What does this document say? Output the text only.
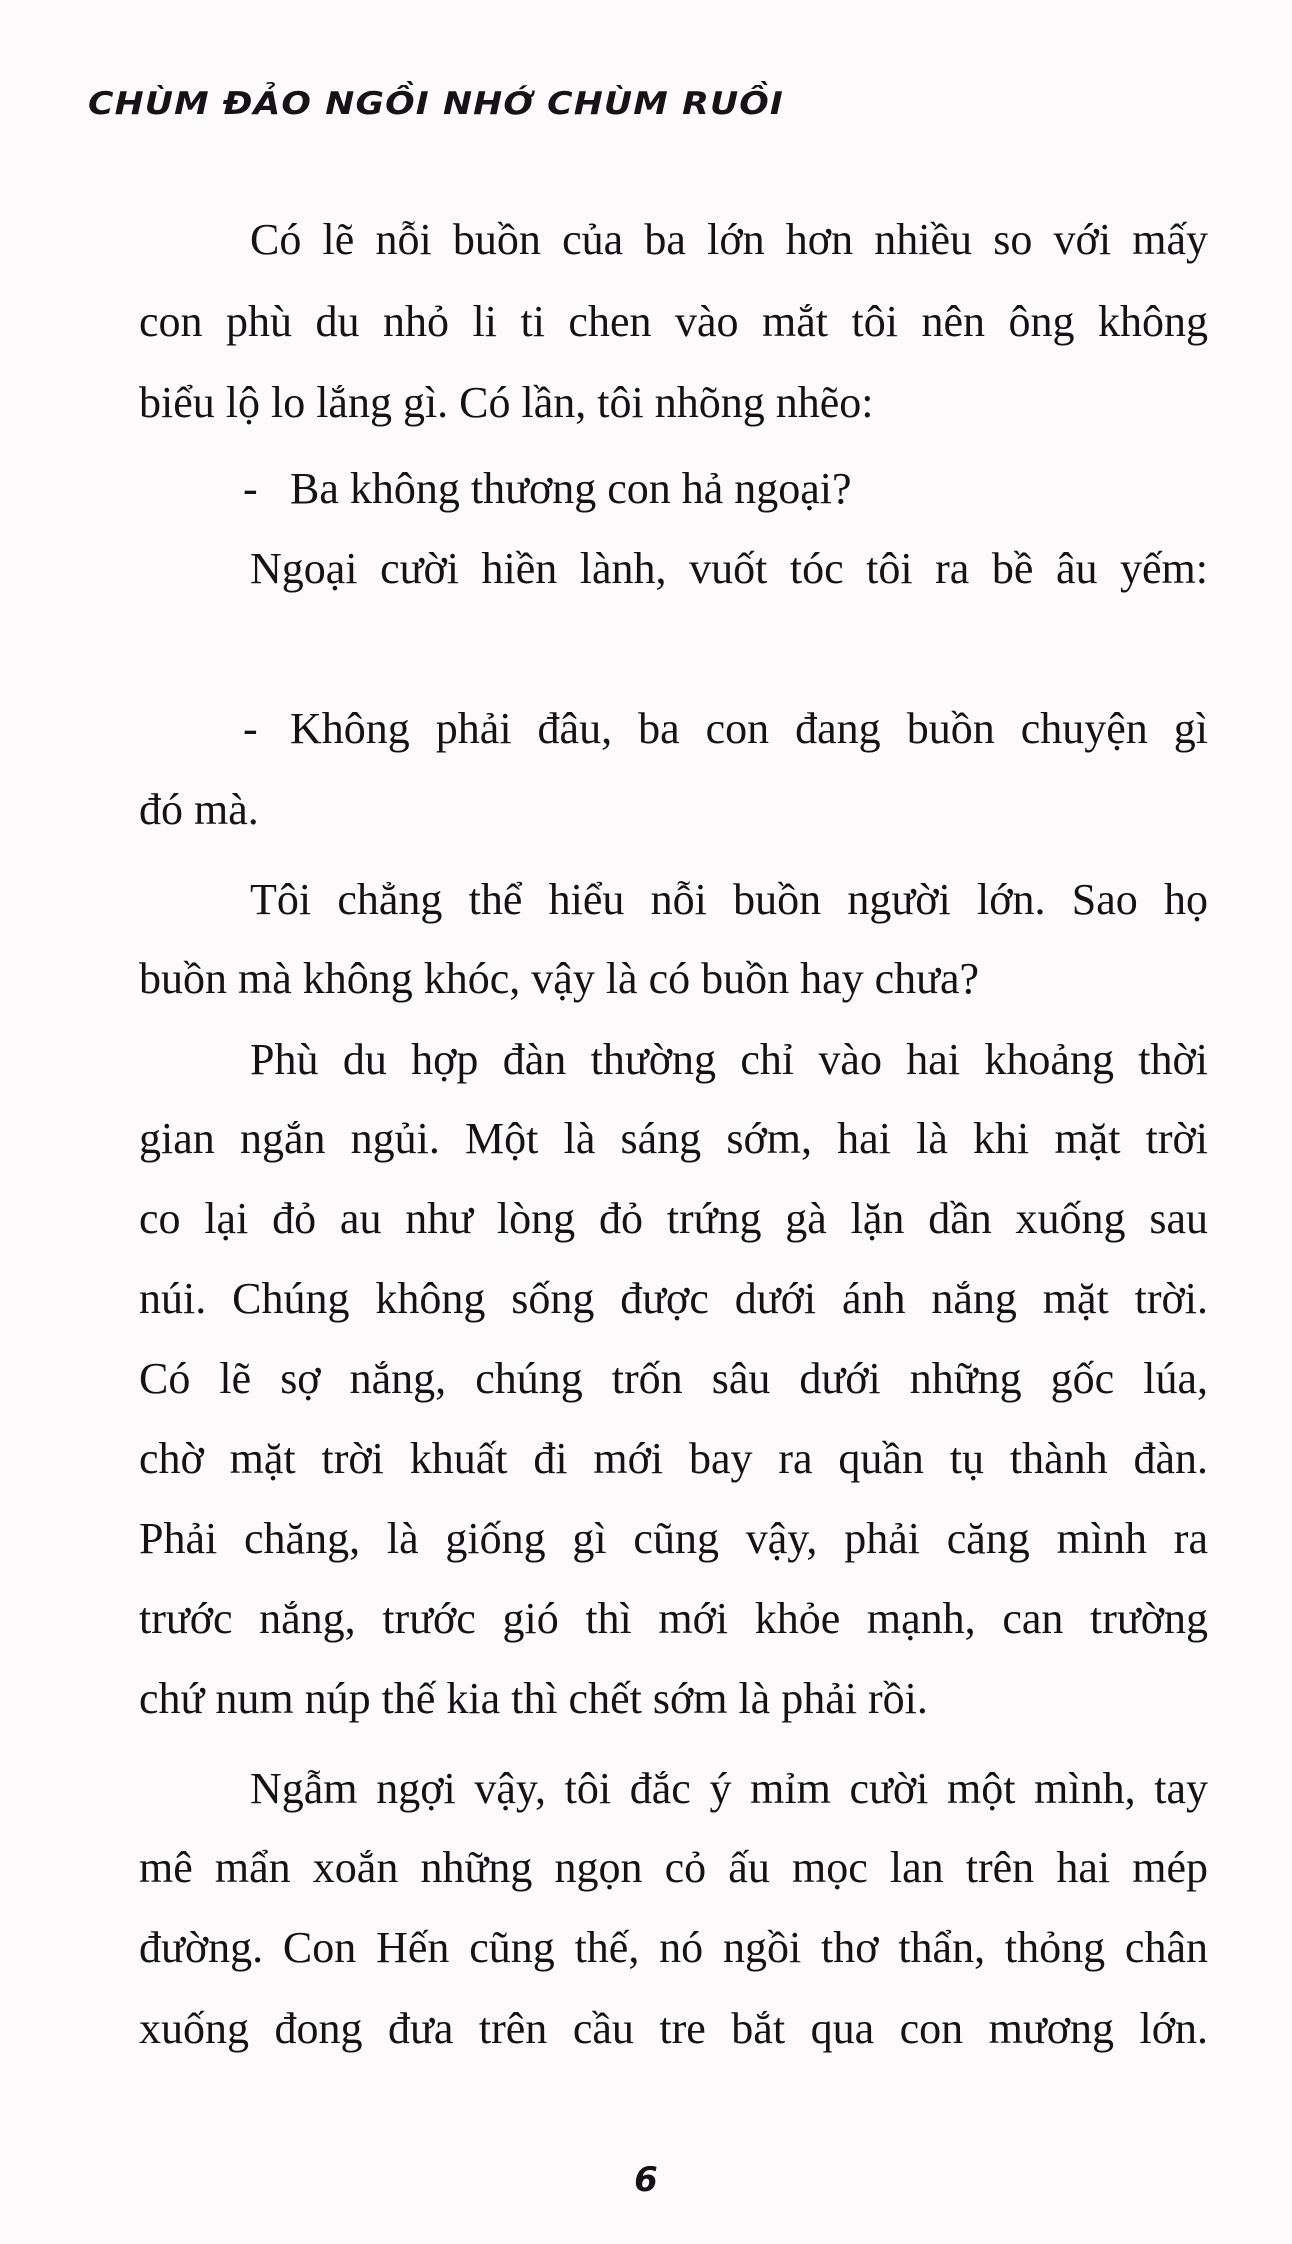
CHÙM ĐẢO NGỒI NHỚ CHÙM RUỒI
Có lẽ nỗi buồn của ba lớn hơn nhiều so với mấy
con phù du nhỏ li ti chen vào mắt tôi nên ông không
biểu lộ lo lắng gì. Có lần, tôi nhõng nhẽo:
Ba không thương con hả ngoại?
-
Ngoại cười hiền lành, vuốt tóc tôi ra bề âu yếm:
Không phải đâu, ba con đang buồn chuyện gì
-
đó mà.
Tôi chẳng thể hiểu nỗi buồn người lớn. Sao họ
buồn mà không khóc, vậy là có buồn hay chưa?
Phù du hợp đàn thường chỉ vào hai khoảng thời
gian ngắn ngủi. Một là sáng sớm, hai là khi mặt trời
co lại đỏ au như lòng đỏ trứng gà lặn dần xuống sau
núi. Chúng không sống được dưới ánh nắng mặt trời.
Có lẽ sợ nắng, chúng trốn sâu dưới những gốc lúa,
chờ mặt trời khuất đi mới bay ra quần tụ thành đàn.
Phải chăng, là giống gì cũng vậy, phải căng mình ra
trước nắng, trước gió thì mới khỏe mạnh, can trường
chứ num núp thế kia thì chết sớm là phải rồi.
Ngẫm ngợi vậy, tôi đắc ý mỉm cười một mình, tay
mê mẩn xoắn những ngọn cỏ ấu mọc lan trên hai mép
đường. Con Hến cũng thế, nó ngồi thơ thẩn, thỏng chân
xuống đong đưa trên cầu tre bắt qua con mương lớn.
6
